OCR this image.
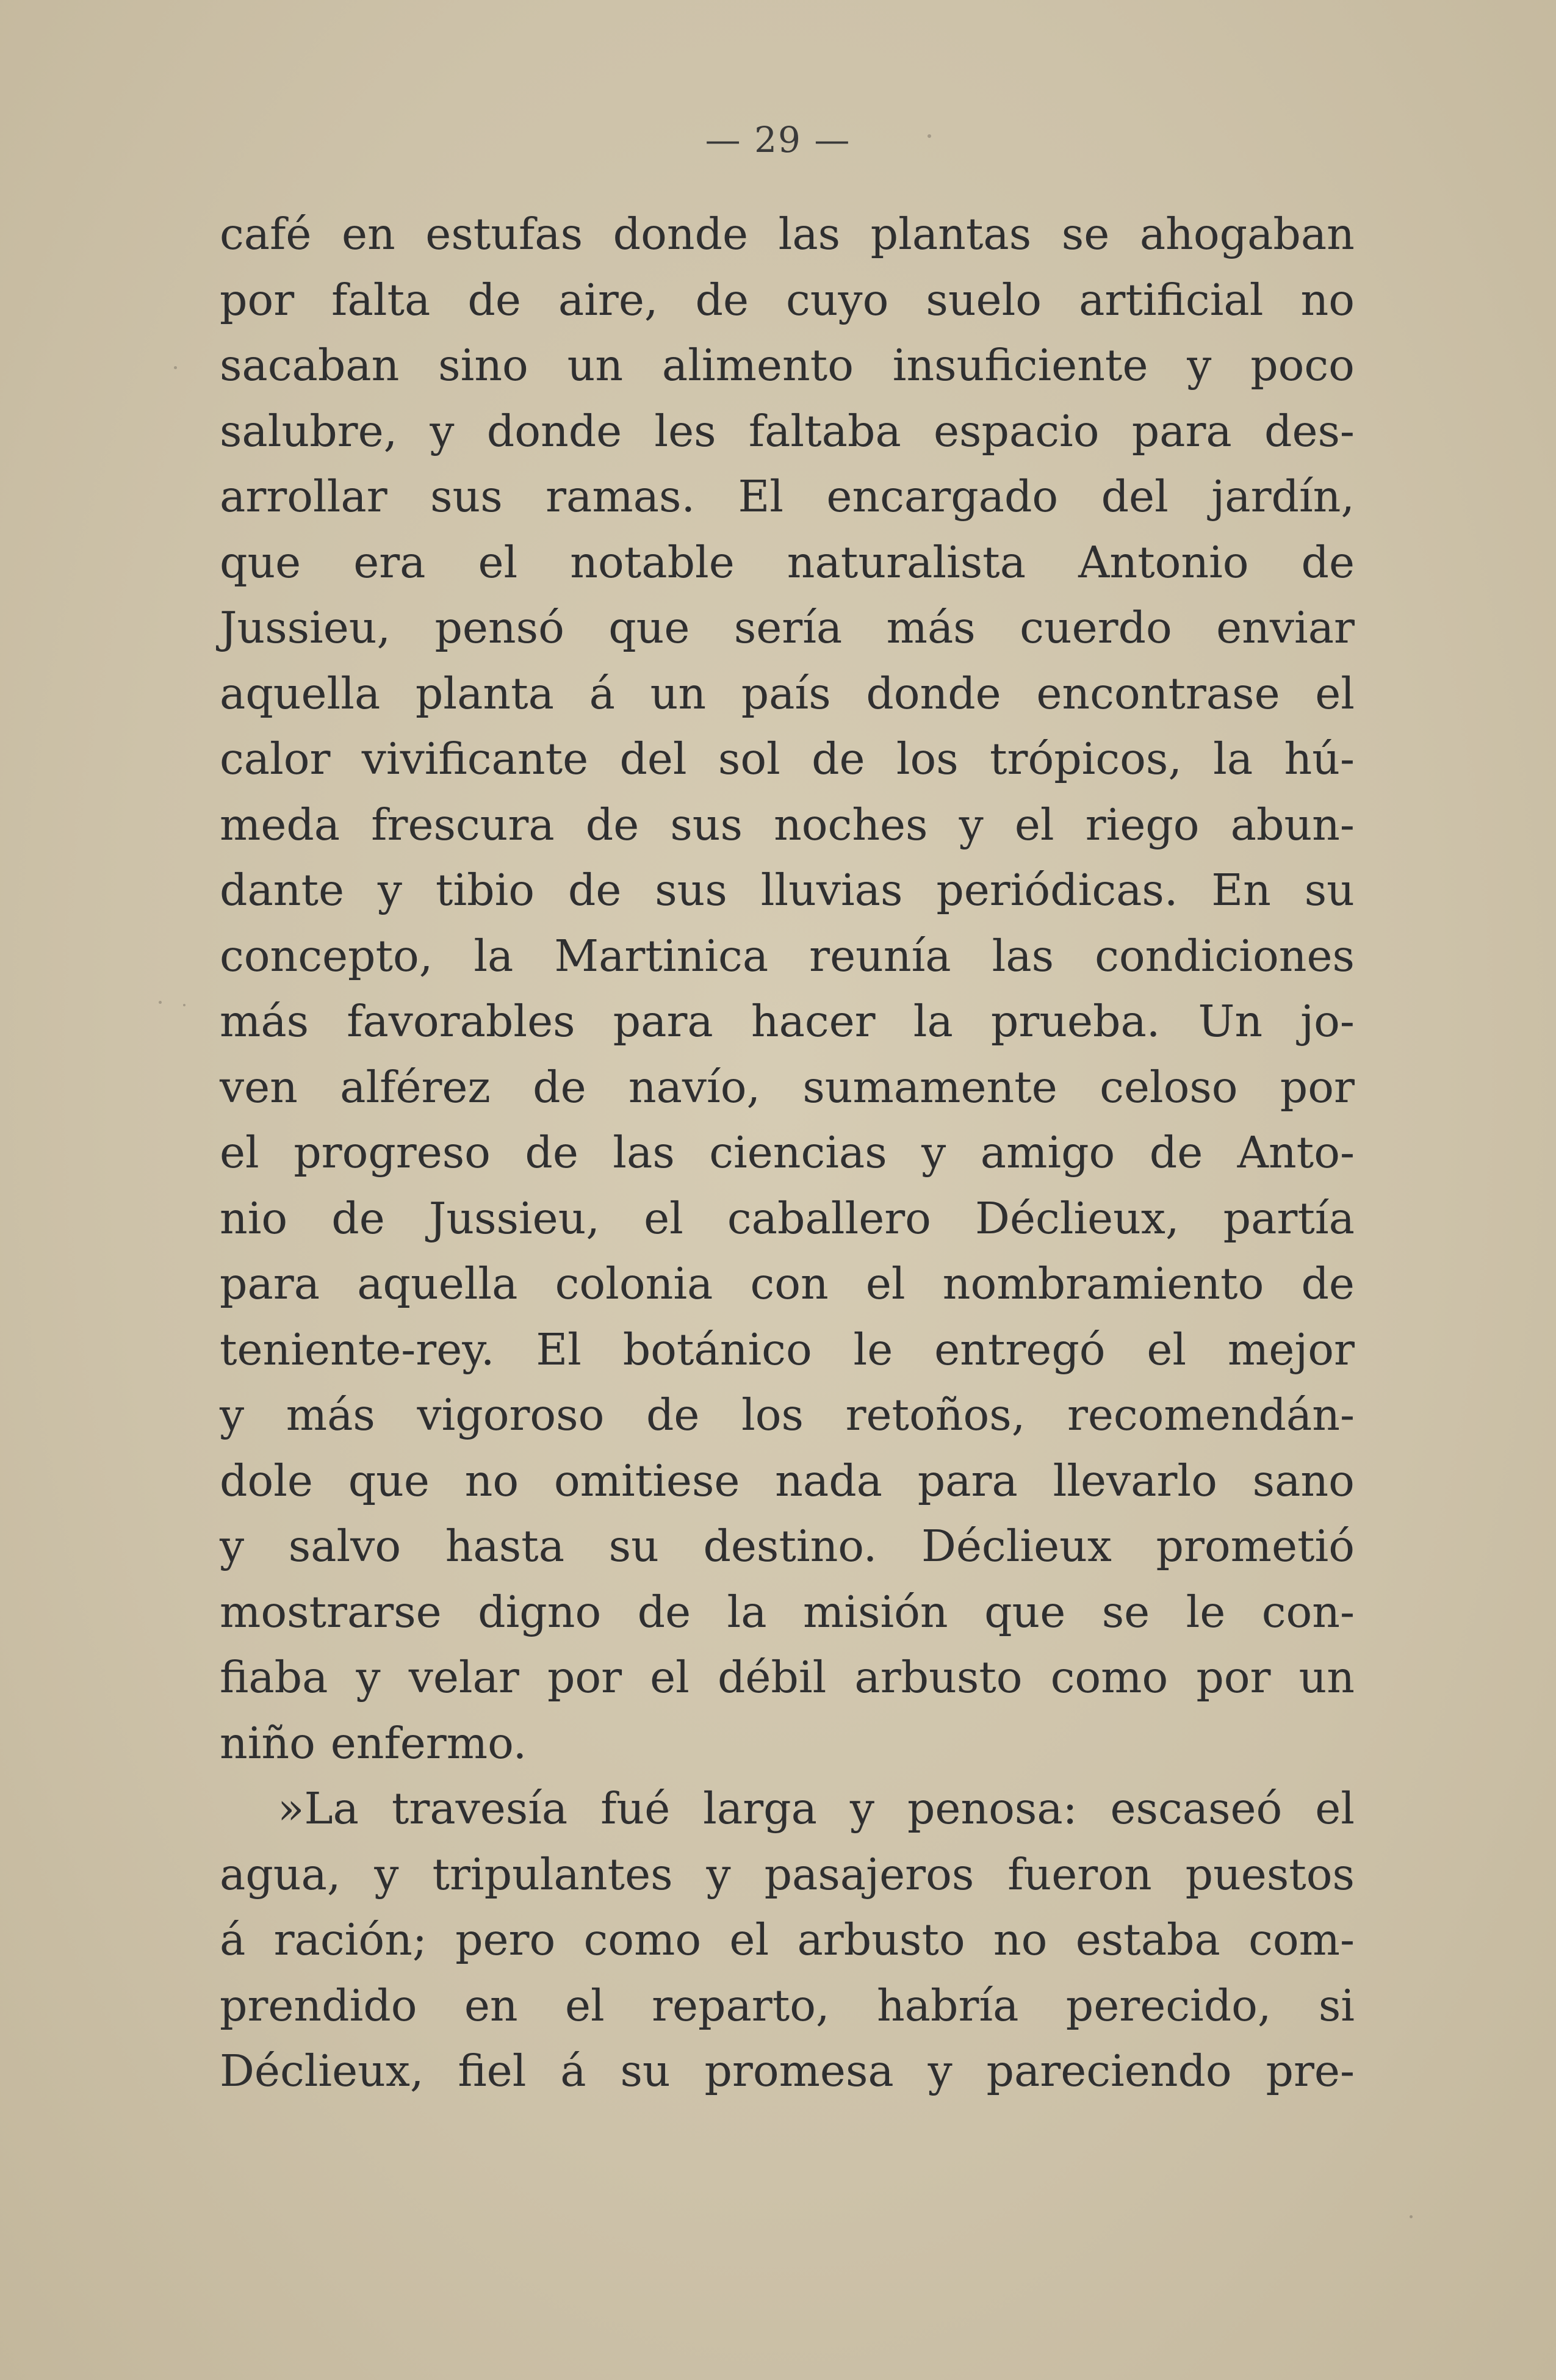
— 29 —
café en estufas donde las plantas se ahogaban
por falta de aire, de cuyo suelo artificial no
sacaban sino un alimento insuficiente y poco
salubre, y donde les faltaba espacio para des-
arrollar sus ramas. El encargado del jardín,
que era el notable naturalista Antonio de
Jussieu, pensó que sería más cuerdo enviar
aquella planta á un país donde encontrase el
calor vivificante del sol de los trópicos, la hú-
meda frescura de sus noches y el riego abun-
dante y tibio de sus lluvias periódicas. En su
concepto, la Martinica reunía las condiciones
más favorables para hacer la prueba. Un jo-
ven alférez de navío, sumamente celoso por
el progreso de las ciencias y amigo de Anto-
nio de Jussieu, el caballero Déclieux, partía
para aquella colonia con el nombramiento de
teniente-rey. El botánico le entregó el mejor
y más vigoroso de los retoños, recomendán-
dole que no omitiese nada para llevarlo sano
y salvo hasta su destino. Déclieux prometió
mostrarse digno de la misión que se le con-
fiaba y velar por el débil arbusto como por un
niño enfermo.
»La travesía fué larga y penosa: escaseó el
agua, y tripulantes y pasajeros fueron puestos
á ración; pero como el arbusto no estaba com-
prendido en el reparto, habría perecido, si
Déclieux, fiel á su promesa y pareciendo pre-
